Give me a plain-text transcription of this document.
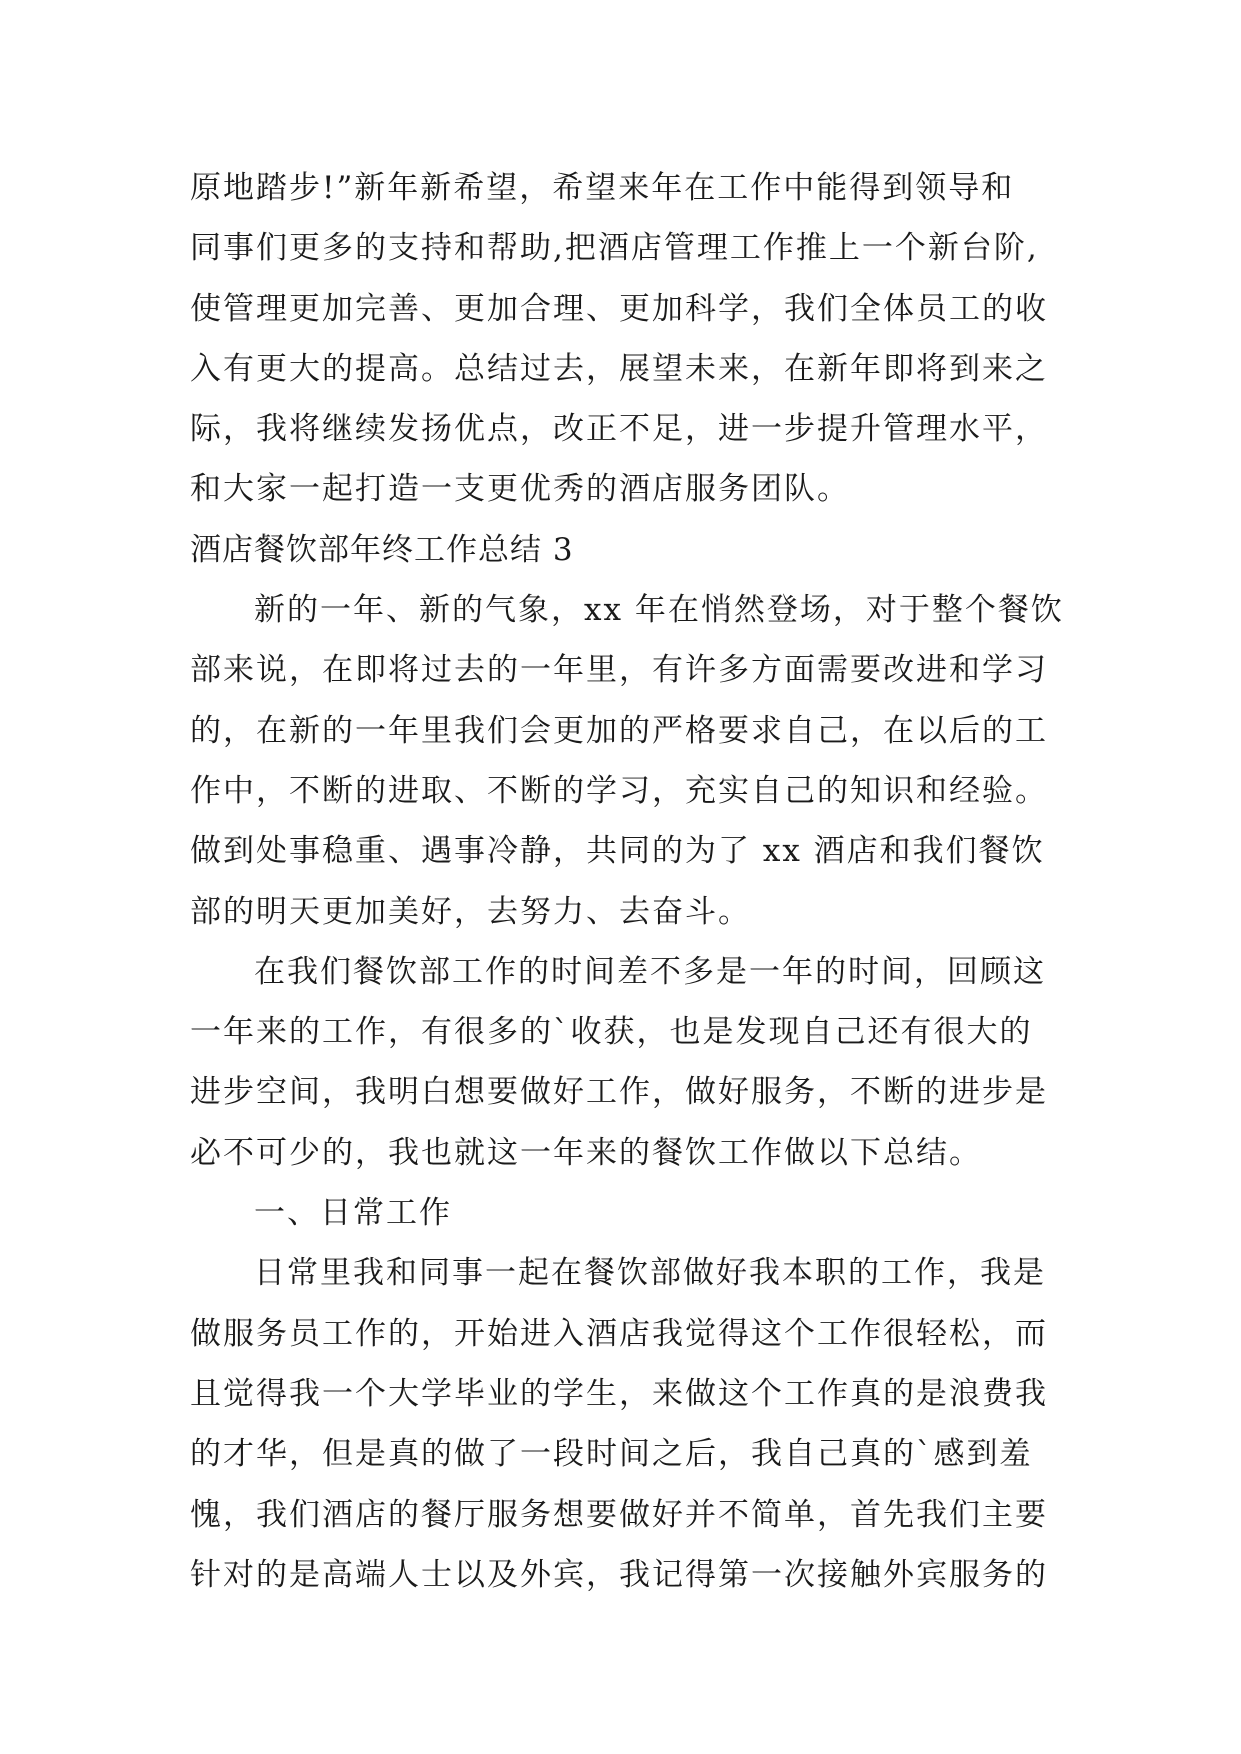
原地踏步!”新年新希望，希望来年在工作中能得到领导和
同事们更多的支持和帮助,把酒店管理工作推上一个新台阶,
使管理更加完善、更加合理、更加科学，我们全体员工的收
入有更大的提高。总结过去，展望未来，在新年即将到来之
际，我将继续发扬优点，改正不足，进一步提升管理水平，
和大家一起打造一支更优秀的酒店服务团队。
酒店餐饮部年终工作总结 3
新的一年、新的气象，xx 年在悄然登场，对于整个餐饮
部来说，在即将过去的一年里，有许多方面需要改进和学习
的，在新的一年里我们会更加的严格要求自己，在以后的工
作中，不断的进取、不断的学习，充实自己的知识和经验。
做到处事稳重、遇事冷静，共同的为了 xx 酒店和我们餐饮
部的明天更加美好，去努力、去奋斗。
在我们餐饮部工作的时间差不多是一年的时间，回顾这
一年来的工作，有很多的`收获，也是发现自己还有很大的
进步空间，我明白想要做好工作，做好服务，不断的进步是
必不可少的，我也就这一年来的餐饮工作做以下总结。
一、日常工作
日常里我和同事一起在餐饮部做好我本职的工作，我是
做服务员工作的，开始进入酒店我觉得这个工作很轻松，而
且觉得我一个大学毕业的学生，来做这个工作真的是浪费我
的才华，但是真的做了一段时间之后，我自己真的`感到羞
愧，我们酒店的餐厅服务想要做好并不简单，首先我们主要
针对的是高端人士以及外宾，我记得第一次接触外宾服务的
